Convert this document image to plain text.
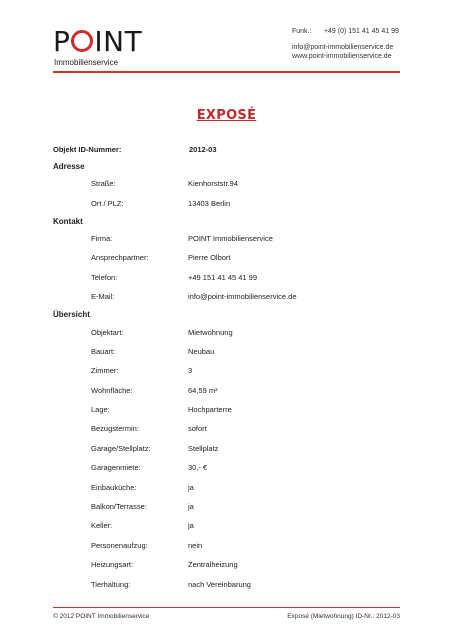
P INT
Immobilienservice
Funk.: +49 (0) 151 41 45 41 99
info@point-immobilienservice.de
www.point-immobilienservice.de
EXPOSÉ
Objekt ID-Nummer:	2012-03
Adresse
Straße:	Kienhorststr.94
Ort / PLZ:	13403 Berlin
Kontakt
Firma:	POINT Immobilienservice
Ansprechpartner:	Pierre Olbort
Telefon:	+49 151 41 45 41 99
E-Mail:	info@point-immobilienservice.de
Übersicht
Objektart:	Mietwohnung
Bauart:	Neubau
Zimmer:	3
Wohnfläche:	64,59 m²
Lage:	Hochparterre
Bezugstermin:	sofort
Garage/Stellplatz:	Stellplatz
Garagenmiete:	30,- €
Einbauküche:	ja
Balkon/Terrasse:	ja
Keller:	ja
Personenaufzug:	nein
Heizungsart:	Zentralheizung
Tierhaltung:	nach Vereinbarung
© 2012 POINT Immobilienservice	Exposé (Mietwohnung) ID-Nr.: 2012-03
